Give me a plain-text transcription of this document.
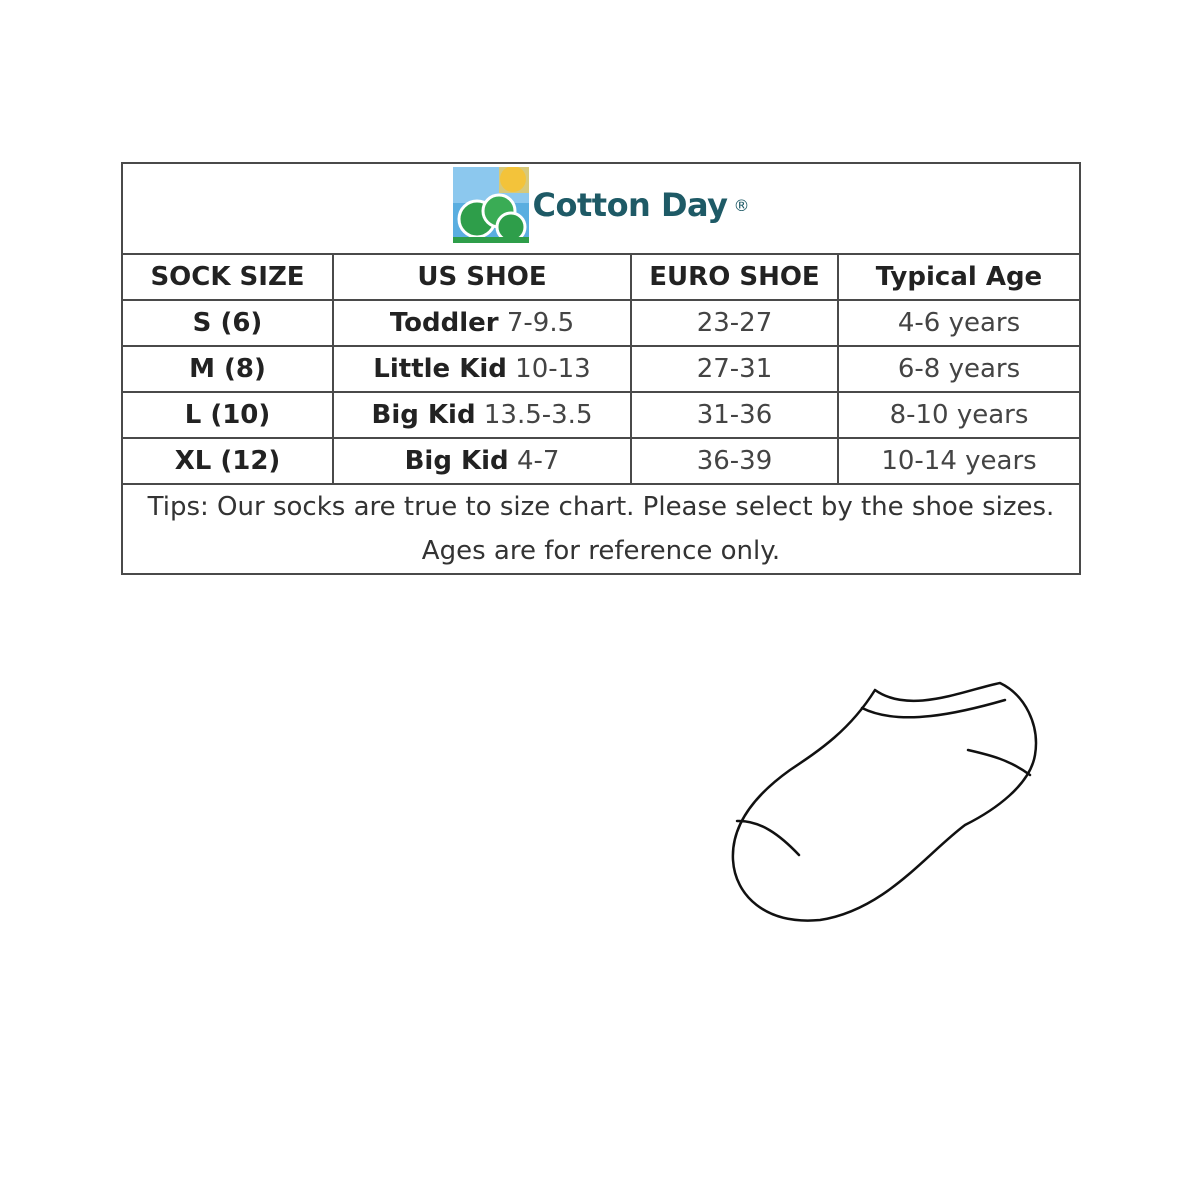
Cotton Day ®			

SOCK SIZE	US SHOE	EURO SHOE	Typical Age
S (6)	Toddler 7-9.5	23-27	4-6 years
M (8)	Little Kid 10-13	27-31	6-8 years
L (10)	Big Kid 13.5-3.5	31-36	8-10 years
XL (12)	Big Kid 4-7	36-39	10-14 years

Tips: Our socks are true to size chart. Please select by the shoe sizes.
Ages are for reference only.			
